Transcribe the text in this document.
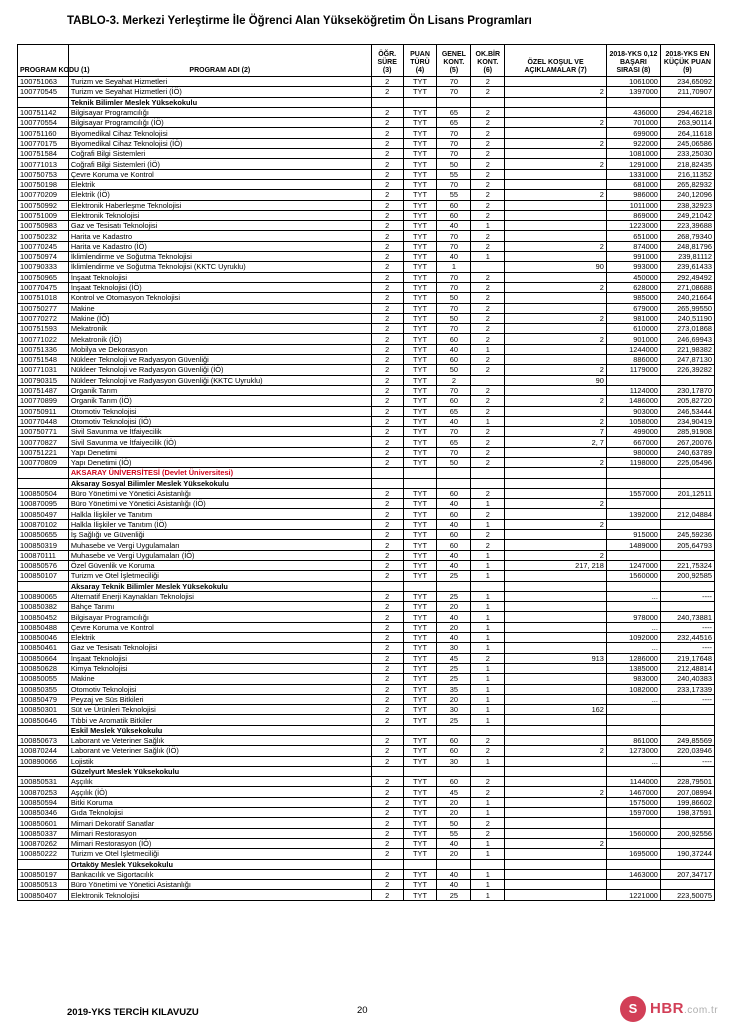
TABLO-3. Merkezi Yerleştirme İle Öğrenci Alan Yükseköğretim Ön Lisans Programları
PROGRAM KODU (1)	PROGRAM ADI (2)	ÖĞR. SÜRE (3)	PUAN TÜRÜ (4)	GENEL KONT. (5)	OK.BİR KONT. (6)	ÖZEL KOŞUL VE AÇIKLAMALAR (7)	2018-YKS 0,12 BAŞARI SIRASI (8)	2018-YKS EN KÜÇÜK PUAN (9)
100751063	Turizm ve Seyahat Hizmetleri	2	TYT	70	2		1061000	234,65092
100770545	Turizm ve Seyahat Hizmetleri (İÖ)	2	TYT	70	2	2	1397000	211,70907
	Teknik Bilimler Meslek Yüksekokulu							
100751142	Bilgisayar Programcılığı	2	TYT	65	2		436000	294,46218
100770554	Bilgisayar Programcılığı (İÖ)	2	TYT	65	2	2	701000	263,90114
100751160	Biyomedikal Cihaz Teknolojisi	2	TYT	70	2		699000	264,11618
100770175	Biyomedikal Cihaz Teknolojisi (İÖ)	2	TYT	70	2	2	922000	245,06586
100751584	Coğrafi Bilgi Sistemleri	2	TYT	70	2		1081000	233,25030
100771013	Coğrafi Bilgi Sistemleri (İÖ)	2	TYT	50	2	2	1291000	218,82435
100750753	Çevre Koruma ve Kontrol	2	TYT	55	2		1331000	216,11352
100750198	Elektrik	2	TYT	70	2		681000	265,82932
100770209	Elektrik (İÖ)	2	TYT	55	2	2	986000	240,12096
100750992	Elektronik Haberleşme Teknolojisi	2	TYT	60	2		1011000	238,32923
100751009	Elektronik Teknolojisi	2	TYT	60	2		869000	249,21042
100750983	Gaz ve Tesisatı Teknolojisi	2	TYT	40	1		1223000	223,39688
100750232	Harita ve Kadastro	2	TYT	70	2		651000	268,79340
100770245	Harita ve Kadastro (İÖ)	2	TYT	70	2	2	874000	248,81796
100750974	İklimlendirme ve Soğutma Teknolojisi	2	TYT	40	1		991000	239,81112
100790333	İklimlendirme ve Soğutma Teknolojisi (KKTC Uyruklu)	2	TYT	1		90	993000	239,61433
100750965	İnşaat Teknolojisi	2	TYT	70	2		450000	292,49492
100770475	İnşaat Teknolojisi (İÖ)	2	TYT	70	2	2	628000	271,08688
100751018	Kontrol ve Otomasyon Teknolojisi	2	TYT	50	2		985000	240,21664
100750277	Makine	2	TYT	70	2		679000	265,99550
100770272	Makine (İÖ)	2	TYT	50	2	2	981000	240,51190
100751593	Mekatronik	2	TYT	70	2		610000	273,01868
100771022	Mekatronik (İÖ)	2	TYT	60	2	2	901000	246,69943
100751336	Mobilya ve Dekorasyon	2	TYT	40	1		1244000	221,98382
100751548	Nükleer Teknoloji ve Radyasyon Güvenliği	2	TYT	60	2		886000	247,87130
100771031	Nükleer Teknoloji ve Radyasyon Güvenliği (İÖ)	2	TYT	50	2	2	1179000	226,39282
100790315	Nükleer Teknoloji ve Radyasyon Güvenliği (KKTC Uyruklu)	2	TYT	2		90		
100751487	Organik Tarım	2	TYT	70	2		1124000	230,17870
100770899	Organik Tarım (İÖ)	2	TYT	60	2	2	1486000	205,82720
100750911	Otomotiv Teknolojisi	2	TYT	65	2		903000	246,53444
100770448	Otomotiv Teknolojisi (İÖ)	2	TYT	40	1	2	1058000	234,90419
100750771	Sivil Savunma ve İtfaiyecilik	2	TYT	70	2	7	499000	285,91908
100770827	Sivil Savunma ve İtfaiyecilik (İÖ)	2	TYT	65	2	2, 7	667000	267,20076
100751221	Yapı Denetimi	2	TYT	70	2		980000	240,63789
100770809	Yapı Denetimi (İÖ)	2	TYT	50	2	2	1198000	225,05496
	AKSARAY ÜNİVERSİTESİ (Devlet Üniversitesi)							
	Aksaray Sosyal Bilimler Meslek Yüksekokulu							
100850504	Büro Yönetimi ve Yönetici Asistanlığı	2	TYT	60	2		1557000	201,12511
100870095	Büro Yönetimi ve Yönetici Asistanlığı (İÖ)	2	TYT	40	1	2		
100850497	Halkla İlişkiler ve Tanıtım	2	TYT	60	2		1392000	212,04884
100870102	Halkla İlişkiler ve Tanıtım (İÖ)	2	TYT	40	1	2		
100850655	İş Sağlığı ve Güvenliği	2	TYT	60	2		915000	245,59236
100850319	Muhasebe ve Vergi Uygulamaları	2	TYT	60	2		1489000	205,64793
100870111	Muhasebe ve Vergi Uygulamaları (İÖ)	2	TYT	40	1	2		
100850576	Özel Güvenlik ve Koruma	2	TYT	40	1	217, 218	1247000	221,75324
100850107	Turizm ve Otel İşletmeciliği	2	TYT	25	1		1560000	200,92585
	Aksaray Teknik Bilimler Meslek Yüksekokulu							
100890065	Alternatif Enerji Kaynakları Teknolojisi	2	TYT	25	1		...	----
100850382	Bahçe Tarımı	2	TYT	20	1			
100850452	Bilgisayar Programcılığı	2	TYT	40	1		978000	240,73881
100850488	Çevre Koruma ve Kontrol	2	TYT	20	1		...	----
100850046	Elektrik	2	TYT	40	1		1092000	232,44516
100850461	Gaz ve Tesisatı Teknolojisi	2	TYT	30	1		...	----
100850664	İnşaat Teknolojisi	2	TYT	45	2	913	1286000	219,17648
100850628	Kimya Teknolojisi	2	TYT	25	1		1385000	212,48814
100850055	Makine	2	TYT	25	1		983000	240,40383
100850355	Otomotiv Teknolojisi	2	TYT	35	1		1082000	233,17339
100850479	Peyzaj ve Süs Bitkileri	2	TYT	20	1		...	----
100850301	Süt ve Ürünleri Teknolojisi	2	TYT	30	1	162		
100850646	Tıbbi ve Aromatik Bitkiler	2	TYT	25	1			
	Eskil Meslek Yüksekokulu							
100850673	Laborant ve Veteriner Sağlık	2	TYT	60	2		861000	249,85569
100870244	Laborant ve Veteriner Sağlık (İÖ)	2	TYT	60	2	2	1273000	220,03946
100890066	Lojistik	2	TYT	30	1		...	----
	Güzelyurt Meslek Yüksekokulu							
100850531	Aşçılık	2	TYT	60	2		1144000	228,79501
100870253	Aşçılık (İÖ)	2	TYT	45	2	2	1467000	207,08994
100850594	Bitki Koruma	2	TYT	20	1		1575000	199,86602
100850346	Gıda Teknolojisi	2	TYT	20	1		1597000	198,37591
100850601	Mimari Dekoratif Sanatlar	2	TYT	50	2			
100850337	Mimari Restorasyon	2	TYT	55	2		1560000	200,92556
100870262	Mimari Restorasyon (İÖ)	2	TYT	40	1	2		
100850222	Turizm ve Otel İşletmeciliği	2	TYT	20	1		1695000	190,37244
	Ortaköy Meslek Yüksekokulu							
100850197	Bankacılık ve Sigortacılık	2	TYT	40	1		1463000	207,34717
100850513	Büro Yönetimi ve Yönetici Asistanlığı	2	TYT	40	1			
100850407	Elektronik Teknolojisi	2	TYT	25	1		1221000	223,50075
2019-YKS TERCİH KILAVUZU	20	S HBR.com.tr
